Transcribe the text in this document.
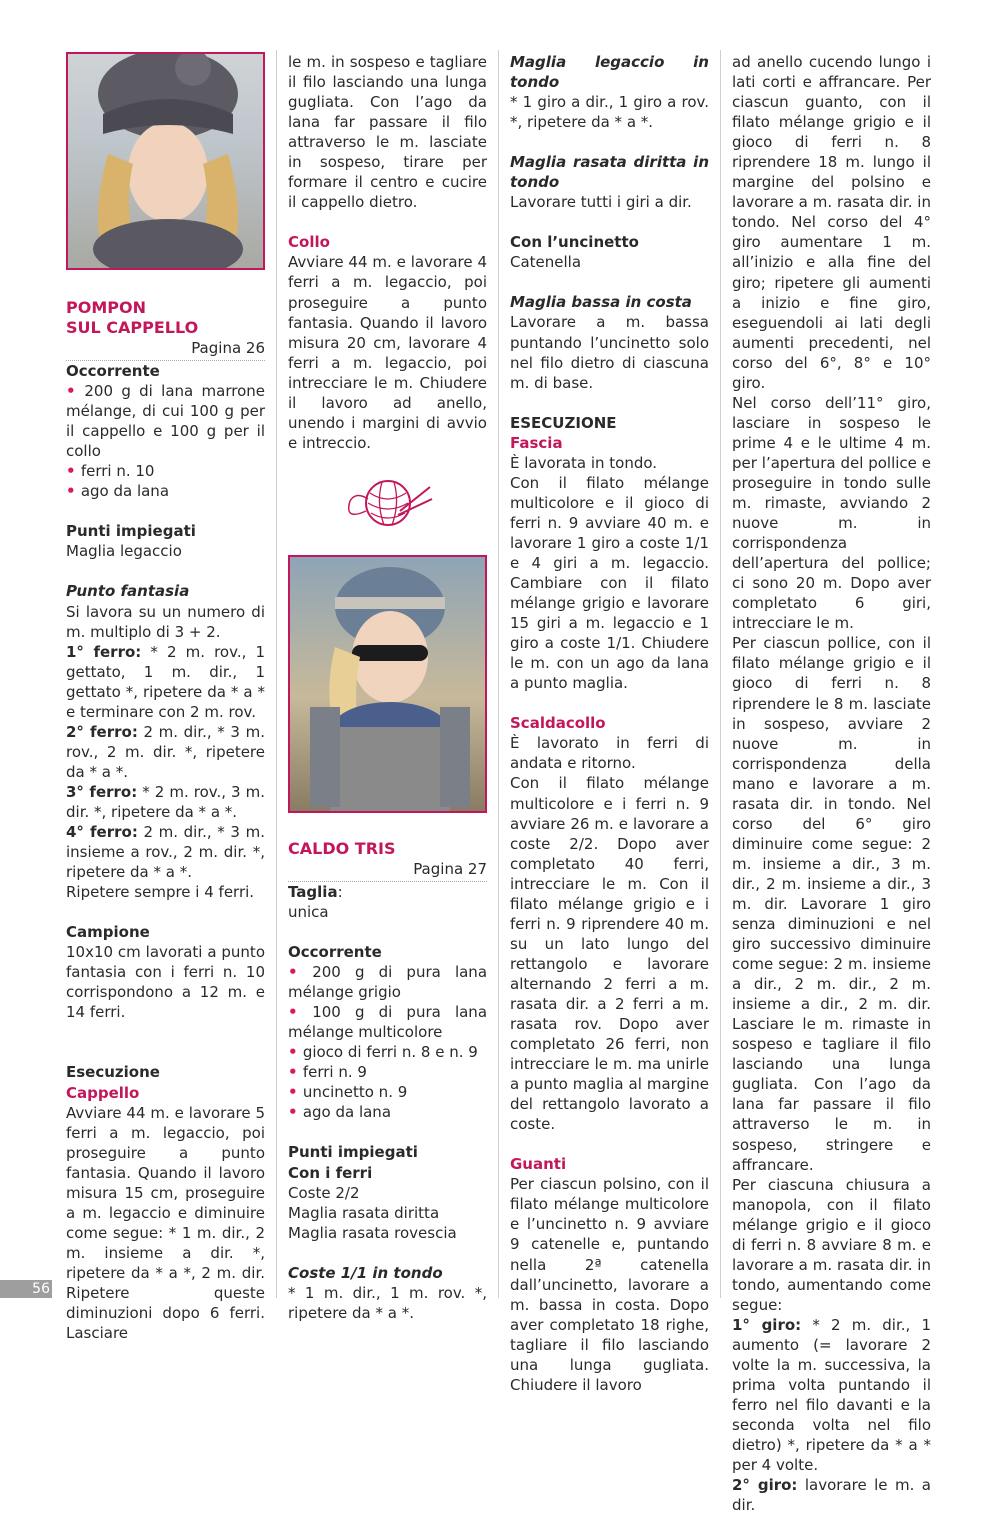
POMPON

SUL CAPPELLO

Pagina 26

Occorrente

• 200 g di lana marrone mélange, di cui 100 g per il cappello e 100 g per il collo

• ferri n. 10

• ago da lana

Punti impiegati

Maglia legaccio

Punto fantasia

Si lavora su un numero di m. multiplo di 3 + 2.

1° ferro: * 2 m. rov., 1 gettato, 1 m. dir., 1 gettato *, ripetere da * a * e terminare con 2 m. rov.

2° ferro: 2 m. dir., * 3 m. rov., 2 m. dir. *, ripetere da * a *.

3° ferro: * 2 m. rov., 3 m. dir. *, ripetere da * a *.

4° ferro: 2 m. dir., * 3 m. insieme a rov., 2 m. dir. *, ripetere da * a *.

Ripetere sempre i 4 ferri.

Campione

10x10 cm lavorati a punto fantasia con i ferri n. 10 corrispondono a 12 m. e 14 ferri.

Esecuzione

Cappello

Avviare 44 m. e lavorare 5 ferri a m. legaccio, poi proseguire a punto fantasia. Quando il lavoro misura 15 cm, proseguire a m. legaccio e diminuire come segue: * 1 m. dir., 2 m. insieme a dir. *, ripetere da * a *, 2 m. dir. Ripetere queste diminuzioni dopo 6 ferri. Lasciare

le m. in sospeso e tagliare il filo lasciando una lunga gugliata. Con l’ago da lana far passare il filo attraverso le m. lasciate in sospeso, tirare per formare il centro e cucire il cappello dietro.

Collo

Avviare 44 m. e lavorare 4 ferri a m. legaccio, poi proseguire a punto fantasia. Quando il lavoro misura 20 cm, lavorare 4 ferri a m. legaccio, poi intrecciare le m. Chiudere il lavoro ad anello, unendo i margini di avvio e intreccio.

CALDO TRIS

Pagina 27

Taglia:

unica

Occorrente

• 200 g di pura lana mélange grigio

• 100 g di pura lana mélange multicolore

• gioco di ferri n. 8 e n. 9

• ferri n. 9

• uncinetto n. 9

• ago da lana

Punti impiegati

Con i ferri

Coste 2/2

Maglia rasata diritta

Maglia rasata rovescia

Coste 1/1 in tondo

* 1 m. dir., 1 m. rov. *, ripetere da * a *.

Maglia legaccio in tondo

* 1 giro a dir., 1 giro a rov. *, ripetere da * a *.

Maglia rasata diritta in tondo

Lavorare tutti i giri a dir.

Con l’uncinetto

Catenella

Maglia bassa in costa

Lavorare a m. bassa puntando l’uncinetto solo nel filo dietro di ciascuna m. di base.

ESECUZIONE

Fascia

È lavorata in tondo.

Con il filato mélange multicolore e il gioco di ferri n. 9 avviare 40 m. e lavorare 1 giro a coste 1/1 e 4 giri a m. legaccio. Cambiare con il filato mélange grigio e lavorare 15 giri a m. legaccio e 1 giro a coste 1/1. Chiudere le m. con un ago da lana a punto maglia.

Scaldacollo

È lavorato in ferri di andata e ritorno.

Con il filato mélange multicolore e i ferri n. 9 avviare 26 m. e lavorare a coste 2/2. Dopo aver completato 40 ferri, intrecciare le m. Con il filato mélange grigio e i ferri n. 9 riprendere 40 m. su un lato lungo del rettangolo e lavorare alternando 2 ferri a m. rasata dir. a 2 ferri a m. rasata rov. Dopo aver completato 26 ferri, non intrecciare le m. ma unirle a punto maglia al margine del rettangolo lavorato a coste.

Guanti

Per ciascun polsino, con il filato mélange multicolore e l’uncinetto n. 9 avviare 9 catenelle e, puntando nella 2ª catenella dall’uncinetto, lavorare a m. bassa in costa. Dopo aver completato 18 righe, tagliare il filo lasciando una lunga gugliata. Chiudere il lavoro

ad anello cucendo lungo i lati corti e affrancare. Per ciascun guanto, con il filato mélange grigio e il gioco di ferri n. 8 riprendere 18 m. lungo il margine del polsino e lavorare a m. rasata dir. in tondo. Nel corso del 4° giro aumentare 1 m. all’inizio e alla fine del giro; ripetere gli aumenti a inizio e fine giro, eseguendoli ai lati degli aumenti precedenti, nel corso del 6°, 8° e 10° giro.

Nel corso dell’11° giro, lasciare in sospeso le prime 4 e le ultime 4 m. per l’apertura del pollice e proseguire in tondo sulle m. rimaste, avviando 2 nuove m. in corrispondenza dell’apertura del pollice; ci sono 20 m. Dopo aver completato 6 giri, intrecciare le m.

Per ciascun pollice, con il filato mélange grigio e il gioco di ferri n. 8 riprendere le 8 m. lasciate in sospeso, avviare 2 nuove m. in corrispondenza della mano e lavorare a m. rasata dir. in tondo. Nel corso del 6° giro diminuire come segue: 2 m. insieme a dir., 3 m. dir., 2 m. insieme a dir., 3 m. dir. Lavorare 1 giro senza diminuzioni e nel giro successivo diminuire come segue: 2 m. insieme a dir., 2 m. dir., 2 m. insieme a dir., 2 m. dir. Lasciare le m. rimaste in sospeso e tagliare il filo lasciando una lunga gugliata. Con l’ago da lana far passare il filo attraverso le m. in sospeso, stringere e affrancare.

Per ciascuna chiusura a manopola, con il filato mélange grigio e il gioco di ferri n. 8 avviare 8 m. e lavorare a m. rasata dir. in tondo, aumentando come segue:

1° giro: * 2 m. dir., 1 aumento (= lavorare 2 volte la m. successiva, la prima volta puntando il ferro nel filo davanti e la seconda volta nel filo dietro) *, ripetere da * a * per 4 volte.

2° giro: lavorare le m. a dir.

56
